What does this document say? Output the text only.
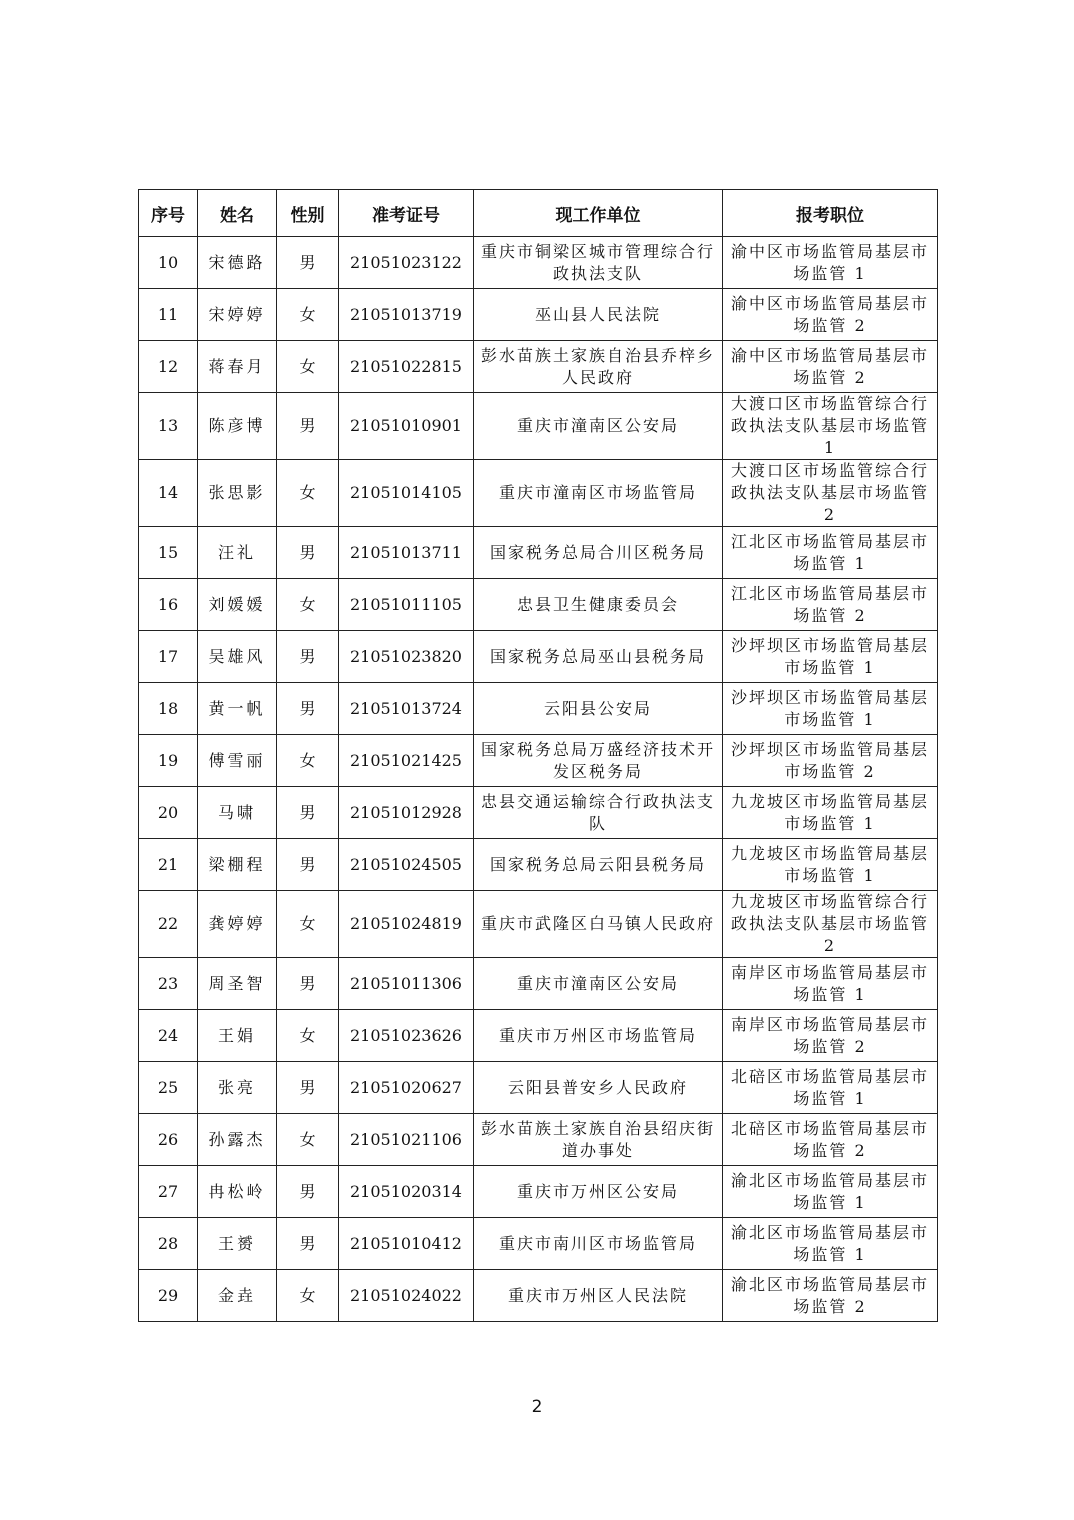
序号	姓名	性别	准考证号	现工作单位	报考职位
10	宋德路	男	21051023122	重庆市铜梁区城市管理综合行政执法支队	渝中区市场监管局基层市场监管 1
11	宋婷婷	女	21051013719	巫山县人民法院	渝中区市场监管局基层市场监管 2
12	蒋春月	女	21051022815	彭水苗族土家族自治县乔梓乡人民政府	渝中区市场监管局基层市场监管 2
13	陈彦博	男	21051010901	重庆市潼南区公安局	大渡口区市场监管综合行政执法支队基层市场监管 1
14	张思影	女	21051014105	重庆市潼南区市场监管局	大渡口区市场监管综合行政执法支队基层市场监管 2
15	汪礼	男	21051013711	国家税务总局合川区税务局	江北区市场监管局基层市场监管 1
16	刘媛媛	女	21051011105	忠县卫生健康委员会	江北区市场监管局基层市场监管 2
17	吴雄风	男	21051023820	国家税务总局巫山县税务局	沙坪坝区市场监管局基层市场监管 1
18	黄一帆	男	21051013724	云阳县公安局	沙坪坝区市场监管局基层市场监管 1
19	傅雪丽	女	21051021425	国家税务总局万盛经济技术开发区税务局	沙坪坝区市场监管局基层市场监管 2
20	马啸	男	21051012928	忠县交通运输综合行政执法支队	九龙坡区市场监管局基层市场监管 1
21	梁棚程	男	21051024505	国家税务总局云阳县税务局	九龙坡区市场监管局基层市场监管 1
22	龚婷婷	女	21051024819	重庆市武隆区白马镇人民政府	九龙坡区市场监管综合行政执法支队基层市场监管 2
23	周圣智	男	21051011306	重庆市潼南区公安局	南岸区市场监管局基层市场监管 1
24	王娟	女	21051023626	重庆市万州区市场监管局	南岸区市场监管局基层市场监管 2
25	张亮	男	21051020627	云阳县普安乡人民政府	北碚区市场监管局基层市场监管 1
26	孙露杰	女	21051021106	彭水苗族土家族自治县绍庆街道办事处	北碚区市场监管局基层市场监管 2
27	冉松岭	男	21051020314	重庆市万州区公安局	渝北区市场监管局基层市场监管 1
28	王赟	男	21051010412	重庆市南川区市场监管局	渝北区市场监管局基层市场监管 1
29	金垚	女	21051024022	重庆市万州区人民法院	渝北区市场监管局基层市场监管 2
2
